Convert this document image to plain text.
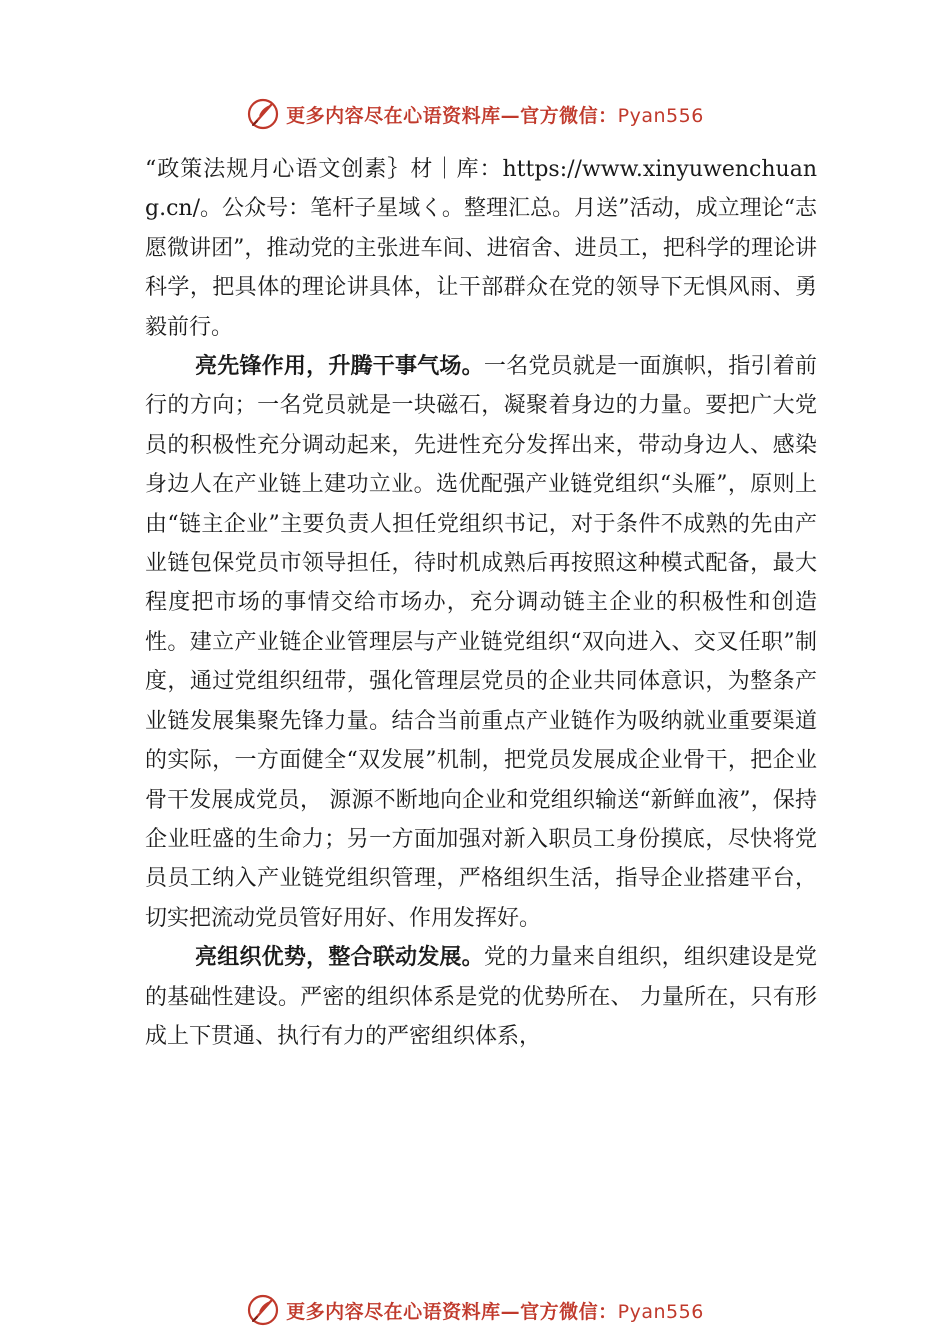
更多内容尽在心语资料库—官方微信：Pyan556

“政策法规月心语文创素｝材｜库：https://www.xinyuwenchuang.cn/。公众号：笔杆子星域く。整理汇总。月送”活动，成立理论“志愿微讲团”，推动党的主张进车间、进宿舍、进员工，把科学的理论讲科学，把具体的理论讲具体，让干部群众在党的领导下无惧风雨、勇毅前行。

亮先锋作用，升腾干事气场。一名党员就是一面旗帜，指引着前行的方向；一名党员就是一块磁石，凝聚着身边的力量。要把广大党员的积极性充分调动起来，先进性充分发挥出来，带动身边人、感染身边人在产业链上建功立业。选优配强产业链党组织“头雁”，原则上由“链主企业”主要负责人担任党组织书记，对于条件不成熟的先由产业链包保党员市领导担任，待时机成熟后再按照这种模式配备，最大程度把市场的事情交给市场办，充分调动链主企业的积极性和创造性。建立产业链企业管理层与产业链党组织“双向进入、交叉任职”制度，通过党组织纽带，强化管理层党员的企业共同体意识，为整条产业链发展集聚先锋力量。结合当前重点产业链作为吸纳就业重要渠道的实际，一方面健全“双发展”机制，把党员发展成企业骨干，把企业骨干发展成党员， 源源不断地向企业和党组织输送“新鲜血液”，保持企业旺盛的生命力；另一方面加强对新入职员工身份摸底，尽快将党员员工纳入产业链党组织管理，严格组织生活，指导企业搭建平台，切实把流动党员管好用好、作用发挥好。

亮组织优势，整合联动发展。党的力量来自组织，组织建设是党的基础性建设。严密的组织体系是党的优势所在、 力量所在，只有形成上下贯通、执行有力的严密组织体系，

更多内容尽在心语资料库—官方微信：Pyan556
